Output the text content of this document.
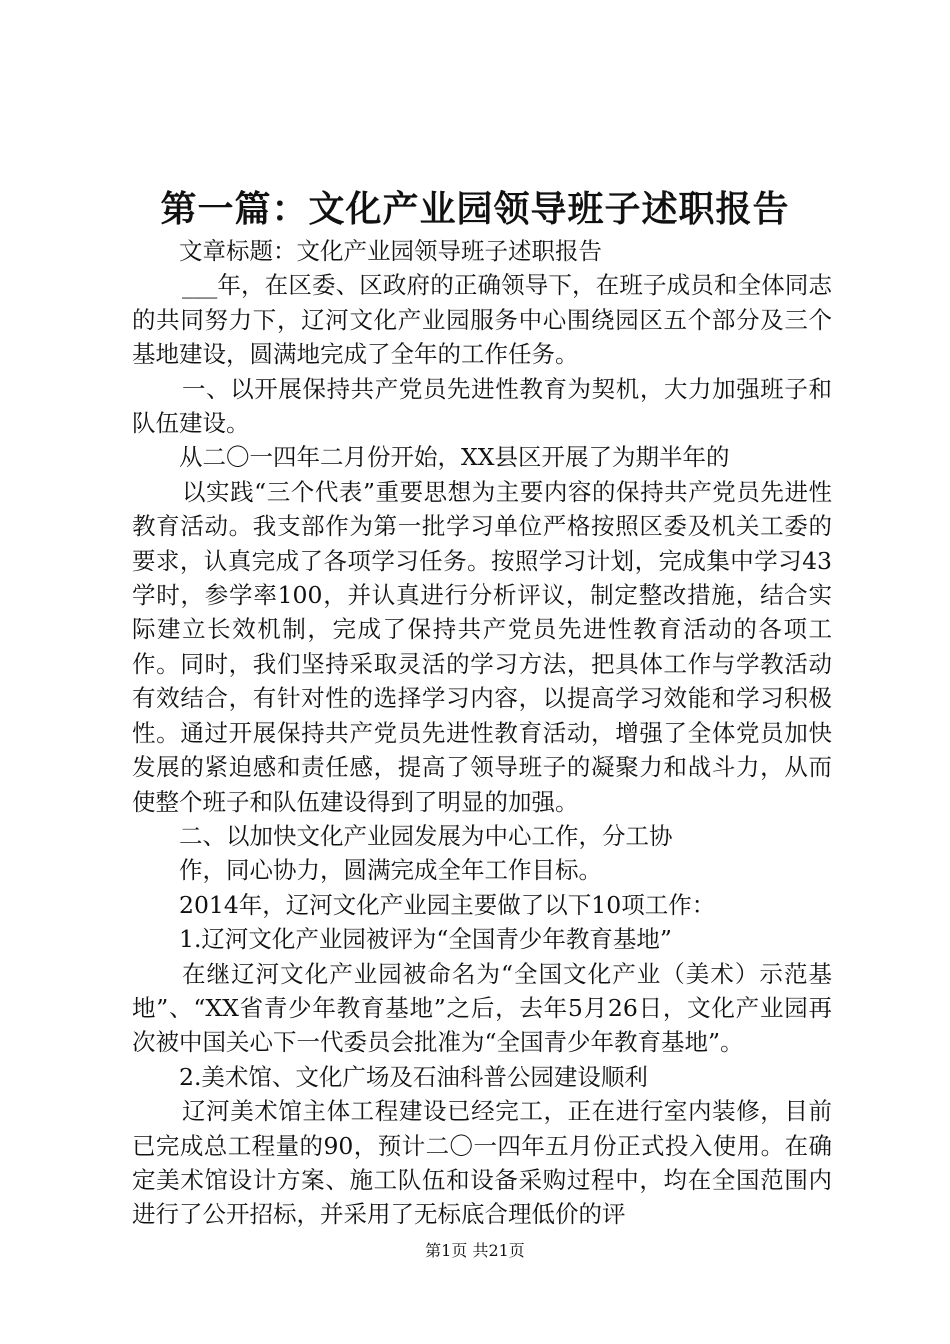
第一篇：文化产业园领导班子述职报告

文章标题：文化产业园领导班子述职报告

___年，在区委、区政府的正确领导下，在班子成员和全体同志的共同努力下，辽河文化产业园服务中心围绕园区五个部分及三个基地建设，圆满地完成了全年的工作任务。

一、以开展保持共产党员先进性教育为契机，大力加强班子和队伍建设。

从二〇一四年二月份开始，XX县区开展了为期半年的

以实践“三个代表”重要思想为主要内容的保持共产党员先进性教育活动。我支部作为第一批学习单位严格按照区委及机关工委的要求，认真完成了各项学习任务。按照学习计划，完成集中学习43学时，参学率100，并认真进行分析评议，制定整改措施，结合实际建立长效机制，完成了保持共产党员先进性教育活动的各项工作。同时，我们坚持采取灵活的学习方法，把具体工作与学教活动有效结合，有针对性的选择学习内容，以提高学习效能和学习积极性。通过开展保持共产党员先进性教育活动，增强了全体党员加快发展的紧迫感和责任感，提高了领导班子的凝聚力和战斗力，从而使整个班子和队伍建设得到了明显的加强。

二、以加快文化产业园发展为中心工作，分工协

作，同心协力，圆满完成全年工作目标。

2014年，辽河文化产业园主要做了以下10项工作：

1.辽河文化产业园被评为“全国青少年教育基地”

在继辽河文化产业园被命名为“全国文化产业（美术）示范基地”、“XX省青少年教育基地”之后，去年5月26日，文化产业园再次被中国关心下一代委员会批准为“全国青少年教育基地”。

2.美术馆、文化广场及石油科普公园建设顺利

辽河美术馆主体工程建设已经完工，正在进行室内装修，目前已完成总工程量的90，预计二〇一四年五月份正式投入使用。在确定美术馆设计方案、施工队伍和设备采购过程中，均在全国范围内进行了公开招标，并采用了无标底合理低价的评

第1页 共21页
